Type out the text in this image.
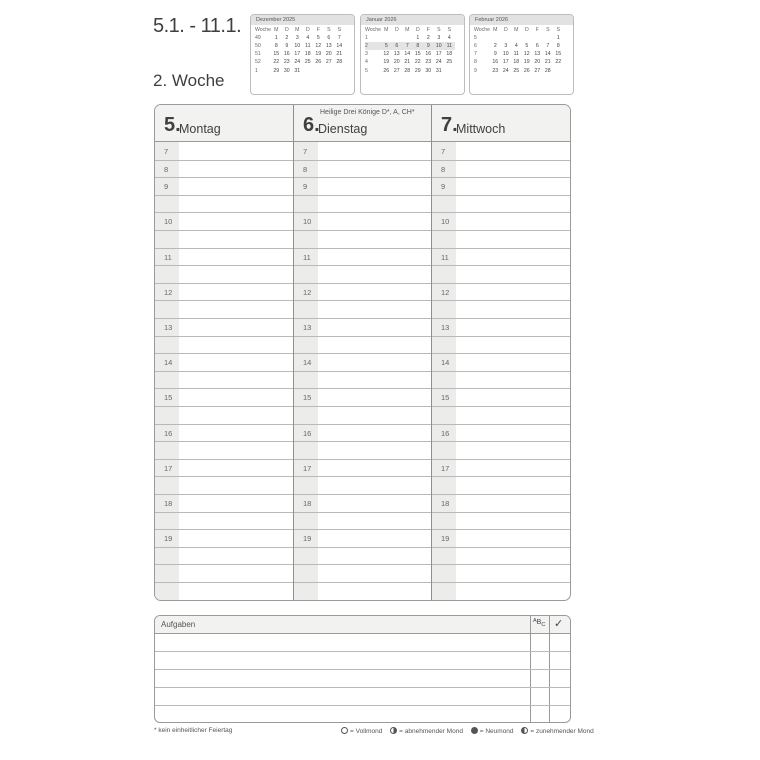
5.1. - 11.1.
2. Woche
Dezember 2025
Woche	M	D	M	D	F	S	S
49	1	2	3	4	5	6	7
50	8	9	10	11	12	13	14
51	15	16	17	18	19	20	21
52	22	23	24	25	26	27	28
1	29	30	31				
Januar 2026
Woche	M	D	M	D	F	S	S
1				1	2	3	4
2	5	6	7	8	9	10	11
3	12	13	14	15	16	17	18
4	19	20	21	22	23	24	25
5	26	27	28	29	30	31	
Februar 2026
Woche	M	D	M	D	F	S	S
5							1
6	2	3	4	5	6	7	8
7	9	10	11	12	13	14	15
8	16	17	18	19	20	21	22
9	23	24	25	26	27	28	
5.
Montag
7
8
9
10
11
12
13
14
15
16
17
18
19
6.
Dienstag
Heilige Drei Könige D*, A, CH*
7
8
9
10
11
12
13
14
15
16
17
18
19
7.
Mittwoch
7
8
9
10
11
12
13
14
15
16
17
18
19
Aufgaben	$^AB_C$ ✓
* kein einheitlicher Feiertag	= Vollmond	= abnehmender Mond	= Neumond	= zunehmender Mond
